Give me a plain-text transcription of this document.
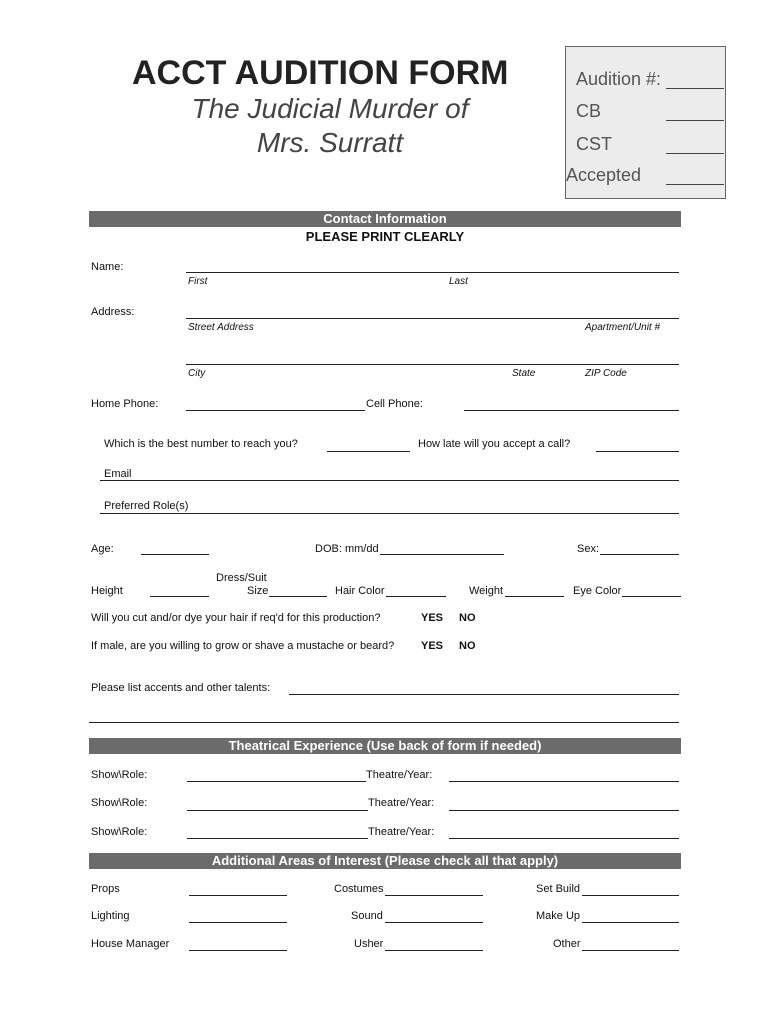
ACCT AUDITION FORM
The Judicial Murder of
Mrs. Surratt
Audition #:
CB
CST
Accepted
Contact Information
PLEASE PRINT CLEARLY
Name:
First	Last
Address:
Street Address	Apartment/Unit #
City	State	ZIP Code
Home Phone:	Cell Phone:
Which is the best number to reach you?	How late will you accept a call?
Email
Preferred Role(s)
Age:	DOB: mm/dd	Sex:
Dress/Suit
Height	Size	Hair Color	Weight	Eye Color
Will you cut and/or dye your hair if req'd for this production?	YES NO
If male, are you willing to grow or shave a mustache or beard? YES NO
Please list accents and other talents:
Theatrical Experience (Use back of form if needed)
Show\Role:	Theatre/Year:
Show\Role:	Theatre/Year:
Show\Role:	Theatre/Year:
Additional Areas of Interest (Please check all that apply)
Props	Costumes	Set Build
Lighting	Sound	Make Up
House Manager	Usher	Other
